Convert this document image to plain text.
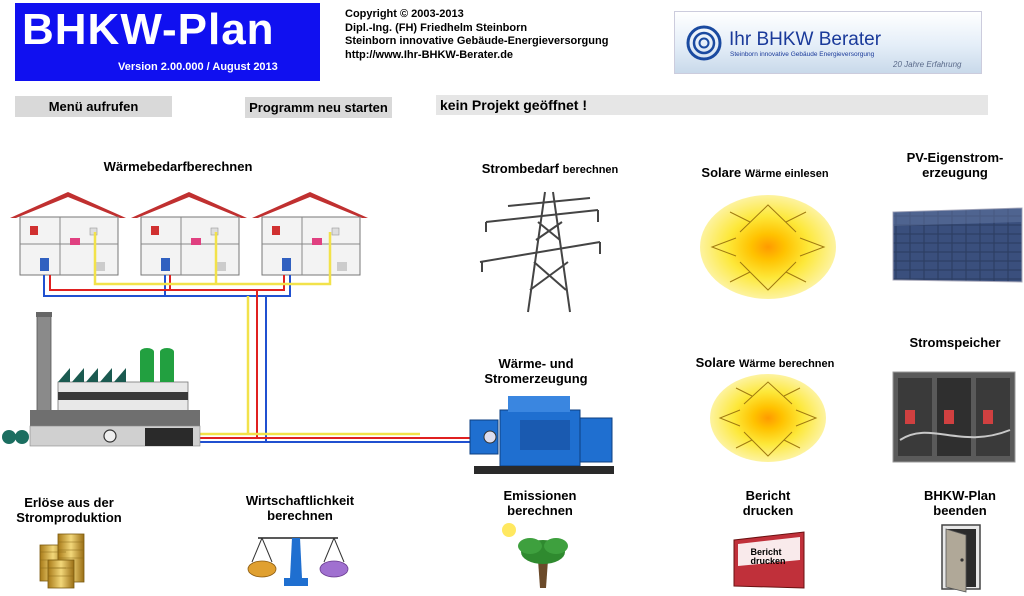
BHKW-Plan
Version 2.00.000 / August 2013
Copyright © 2003-2013
Dipl.-Ing. (FH) Friedhelm Steinborn
Steinborn innovative Gebäude-Energieversorgung
http://www.Ihr-BHKW-Berater.de
Ihr BHKW Berater
Steinborn innovative Gebäude Energieversorgung
20 Jahre Erfahrung
Menü aufrufen	Programm neu starten	kein Projekt geöffnet !
Wärmebedarfberechnen	Strombedarf berechnen	Solare Wärme einlesen
PV-Eigenstrom-
erzeugung
Wärme- und
Stromerzeugung
Solare Wärme berechnen
Stromspeicher
Erlöse aus der
Stromproduktion
Wirtschaftlichkeit
berechnen
Emissionen
berechnen
Bericht
drucken
BHKW-Plan
beenden
Bericht
drucken
